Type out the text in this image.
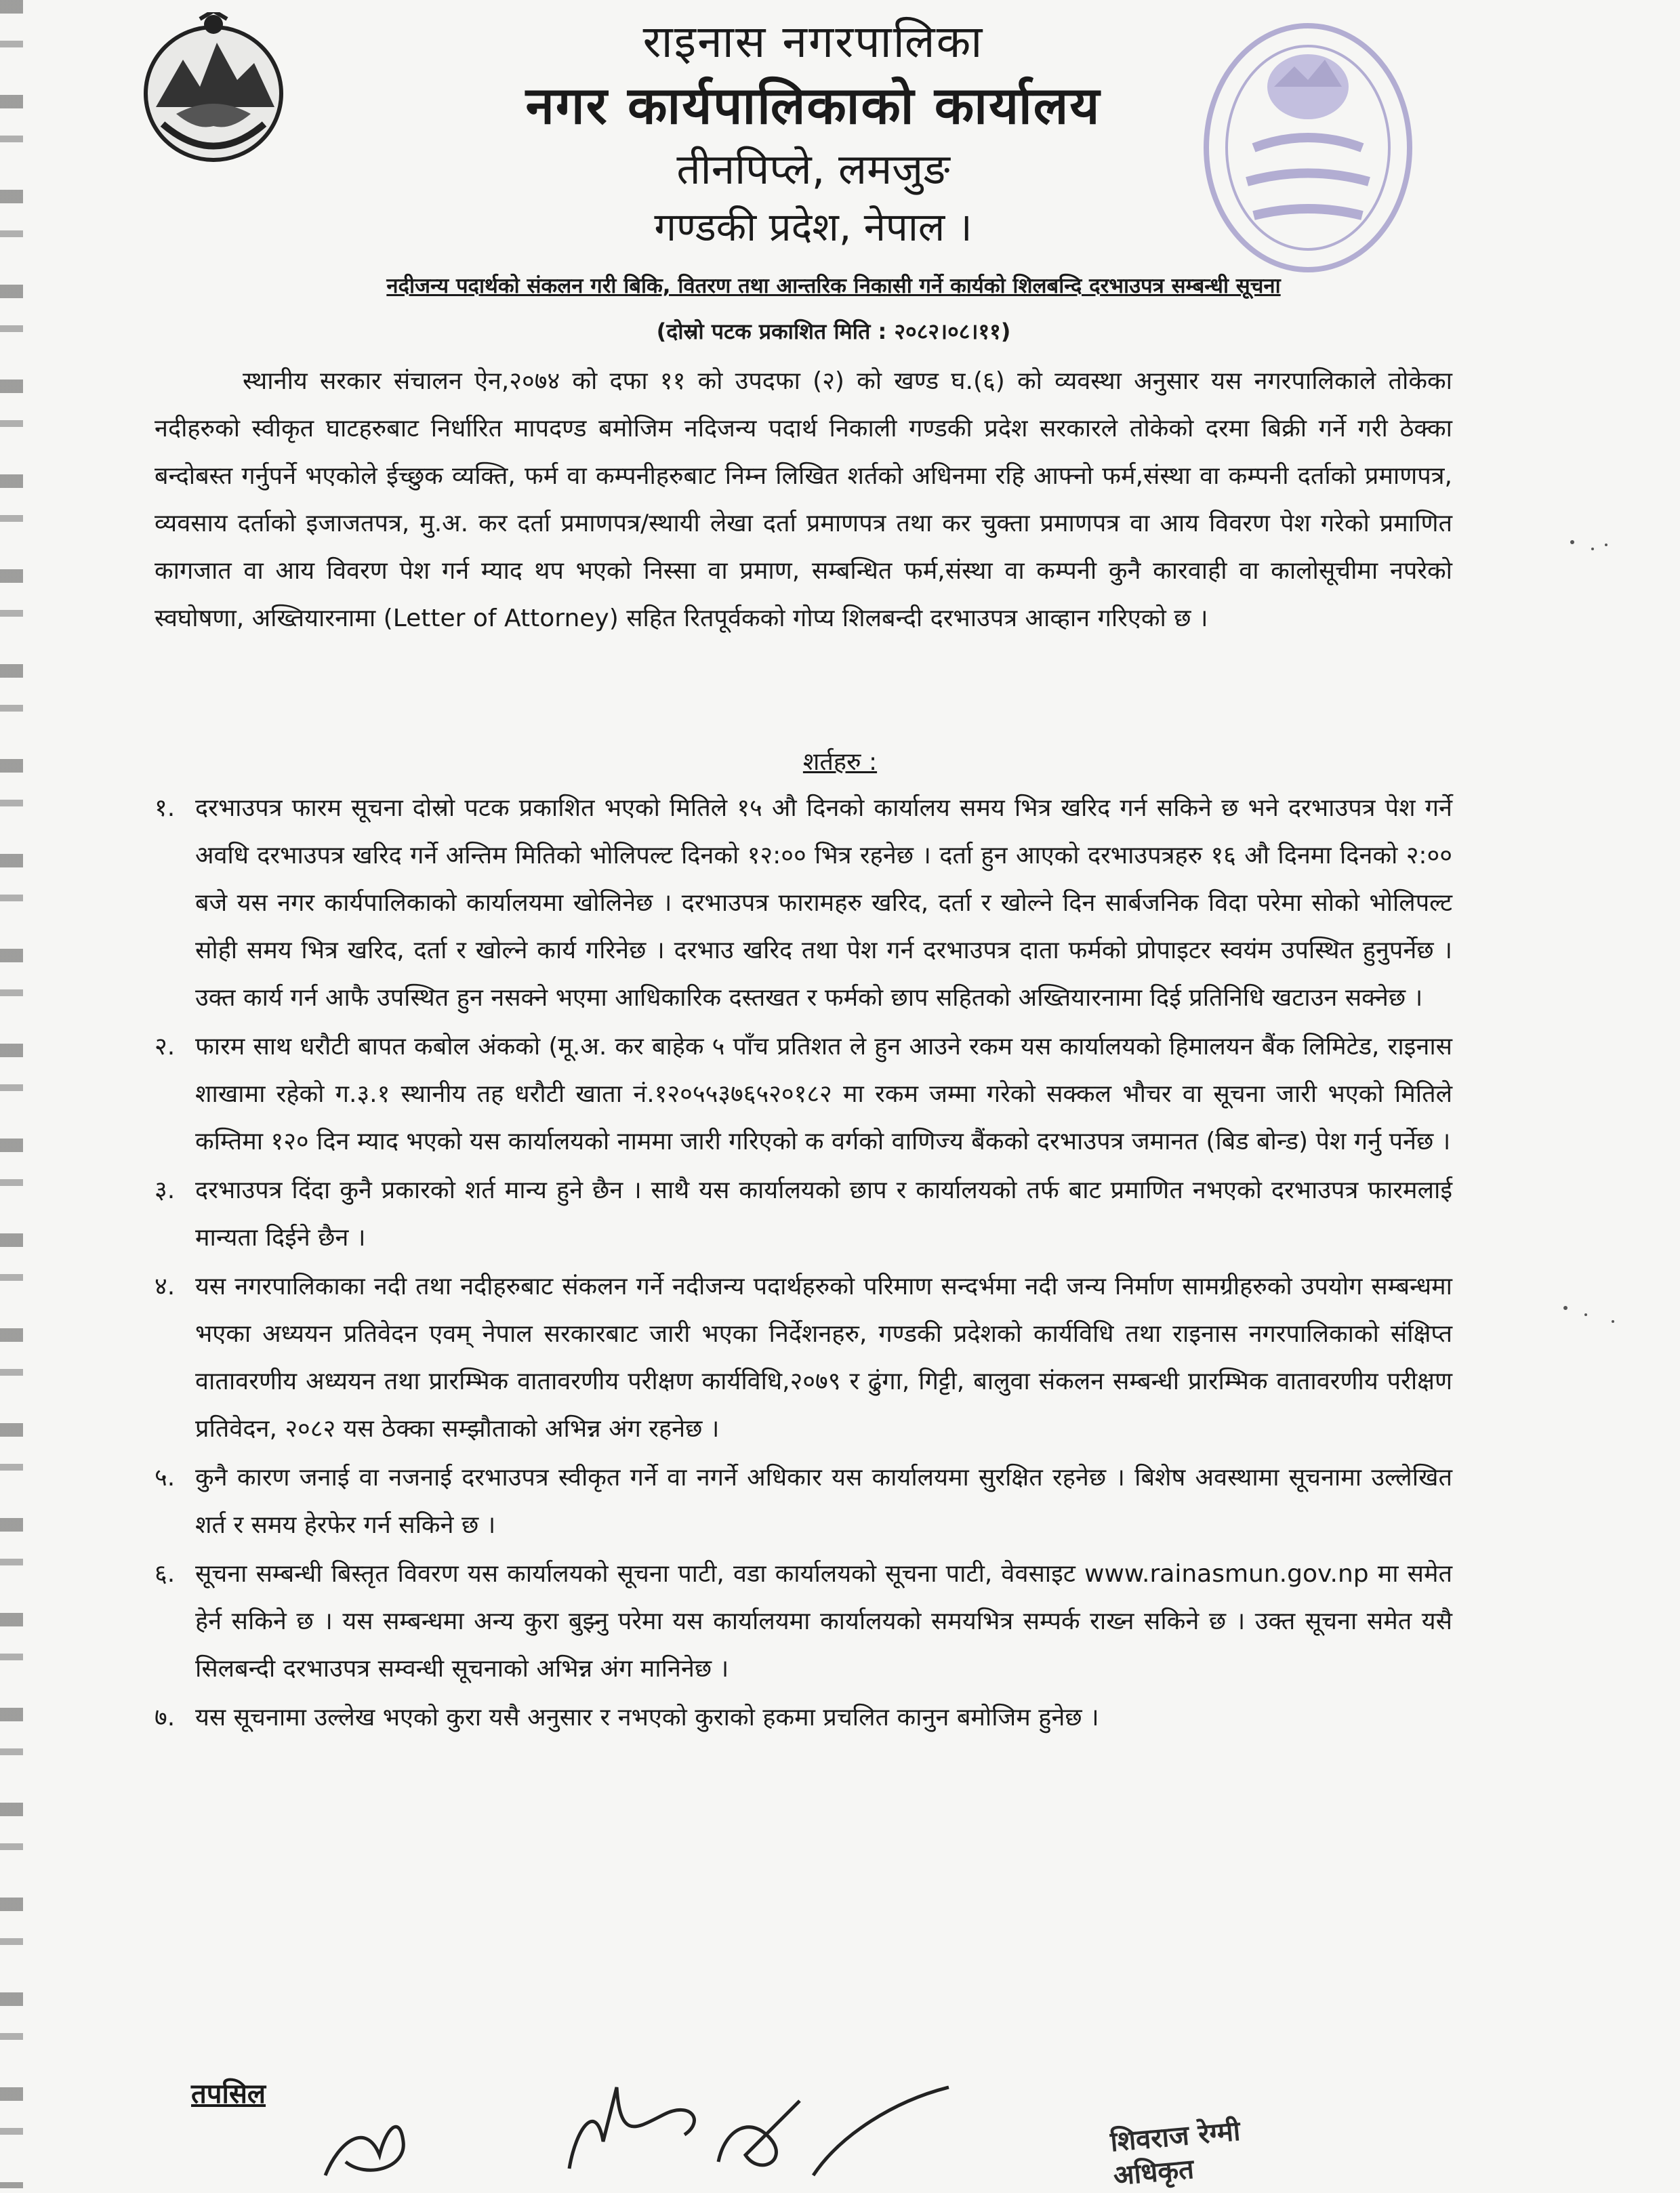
राइनास नगरपालिका
नगर कार्यपालिकाको कार्यालय
तीनपिप्ले, लमजुङ
गण्डकी प्रदेश, नेपाल ।
नदीजन्य पदार्थको संकलन गरी बिकि, वितरण तथा आन्तरिक निकासी गर्ने कार्यको शिलबन्दि दरभाउपत्र सम्बन्धी सूचना
(दोस्रो पटक प्रकाशित मिति : २०८२।०८।११)
स्थानीय सरकार संचालन ऐन,२०७४ को दफा ११ को उपदफा (२) को खण्ड घ.(६) को व्यवस्था अनुसार यस नगरपालिकाले तोकेका नदीहरुको स्वीकृत घाटहरुबाट निर्धारित मापदण्ड बमोजिम नदिजन्य पदार्थ निकाली गण्डकी प्रदेश सरकारले तोकेको दरमा बिक्री गर्ने गरी ठेक्का बन्दोबस्त गर्नुपर्ने भएकोले ईच्छुक व्यक्ति, फर्म वा कम्पनीहरुबाट निम्न लिखित शर्तको अधिनमा रहि आफ्नो फर्म,संस्था वा कम्पनी दर्ताको प्रमाणपत्र, व्यवसाय दर्ताको इजाजतपत्र, मु.अ. कर दर्ता प्रमाणपत्र/स्थायी लेखा दर्ता प्रमाणपत्र तथा कर चुक्ता प्रमाणपत्र वा आय विवरण पेश गरेको प्रमाणित कागजात वा आय विवरण पेश गर्न म्याद थप भएको निस्सा वा प्रमाण, सम्बन्धित फर्म,संस्था वा कम्पनी कुनै कारवाही वा कालोसूचीमा नपरेको स्वघोषणा, अख्तियारनामा (Letter of Attorney) सहित रितपूर्वकको गोप्य शिलबन्दी दरभाउपत्र आव्हान गरिएको छ ।
शर्तहरु :
१. दरभाउपत्र फारम सूचना दोस्रो पटक प्रकाशित भएको मितिले १५ औ दिनको कार्यालय समय भित्र खरिद गर्न सकिने छ भने दरभाउपत्र पेश गर्ने अवधि दरभाउपत्र खरिद गर्ने अन्तिम मितिको भोलिपल्ट दिनको १२:०० भित्र रहनेछ । दर्ता हुन आएको दरभाउपत्रहरु १६ औ दिनमा दिनको २:०० बजे यस नगर कार्यपालिकाको कार्यालयमा खोलिनेछ । दरभाउपत्र फारामहरु खरिद, दर्ता र खोल्ने दिन सार्बजनिक विदा परेमा सोको भोलिपल्ट सोही समय भित्र खरिद, दर्ता र खोल्ने कार्य गरिनेछ । दरभाउ खरिद तथा पेश गर्न दरभाउपत्र दाता फर्मको प्रोपाइटर स्वयंम उपस्थित हुनुपर्नेछ । उक्त कार्य गर्न आफै उपस्थित हुन नसक्ने भएमा आधिकारिक दस्तखत र फर्मको छाप सहितको अख्तियारनामा दिई प्रतिनिधि खटाउन सक्नेछ ।
२. फारम साथ धरौटी बापत कबोल अंकको (मू.अ. कर बाहेक ५ पाँच प्रतिशत ले हुन आउने रकम यस कार्यालयको हिमालयन बैंक लिमिटेड, राइनास शाखामा रहेको ग.३.१ स्थानीय तह धरौटी खाता नं.१२०५५३७६५२०१८२ मा रकम जम्मा गरेको सक्कल भौचर वा सूचना जारी भएको मितिले कम्तिमा १२० दिन म्याद भएको यस कार्यालयको नाममा जारी गरिएको क वर्गको वाणिज्य बैंकको दरभाउपत्र जमानत (बिड बोन्ड) पेश गर्नु पर्नेछ ।
३. दरभाउपत्र दिंदा कुनै प्रकारको शर्त मान्य हुने छैन । साथै यस कार्यालयको छाप र कार्यालयको तर्फ बाट प्रमाणित नभएको दरभाउपत्र फारमलाई मान्यता दिईने छैन ।
४. यस नगरपालिकाका नदी तथा नदीहरुबाट संकलन गर्ने नदीजन्य पदार्थहरुको परिमाण सन्दर्भमा नदी जन्य निर्माण सामग्रीहरुको उपयोग सम्बन्धमा भएका अध्ययन प्रतिवेदन एवम् नेपाल सरकारबाट जारी भएका निर्देशनहरु, गण्डकी प्रदेशको कार्यविधि तथा राइनास नगरपालिकाको संक्षिप्त वातावरणीय अध्ययन तथा प्रारम्भिक वातावरणीय परीक्षण कार्यविधि,२०७९ र ढुंगा, गिट्टी, बालुवा संकलन सम्बन्धी प्रारम्भिक वातावरणीय परीक्षण प्रतिवेदन, २०८२ यस ठेक्का सम्झौताको अभिन्न अंग रहनेछ ।
५. कुनै कारण जनाई वा नजनाई दरभाउपत्र स्वीकृत गर्ने वा नगर्ने अधिकार यस कार्यालयमा सुरक्षित रहनेछ । बिशेष अवस्थामा सूचनामा उल्लेखित शर्त र समय हेरफेर गर्न सकिने छ ।
६. सूचना सम्बन्धी बिस्तृत विवरण यस कार्यालयको सूचना पाटी, वडा कार्यालयको सूचना पाटी, वेवसाइट www.rainasmun.gov.np मा समेत हेर्न सकिने छ । यस सम्बन्धमा अन्य कुरा बुझ्नु परेमा यस कार्यालयमा कार्यालयको समयभित्र सम्पर्क राख्न सकिने छ । उक्त सूचना समेत यसै सिलबन्दी दरभाउपत्र सम्वन्धी सूचनाको अभिन्न अंग मानिनेछ ।
७. यस सूचनामा उल्लेख भएको कुरा यसै अनुसार र नभएको कुराको हकमा प्रचलित कानुन बमोजिम हुनेछ ।
तपसिल
शिवराज रेग्मी
अधिकृत
